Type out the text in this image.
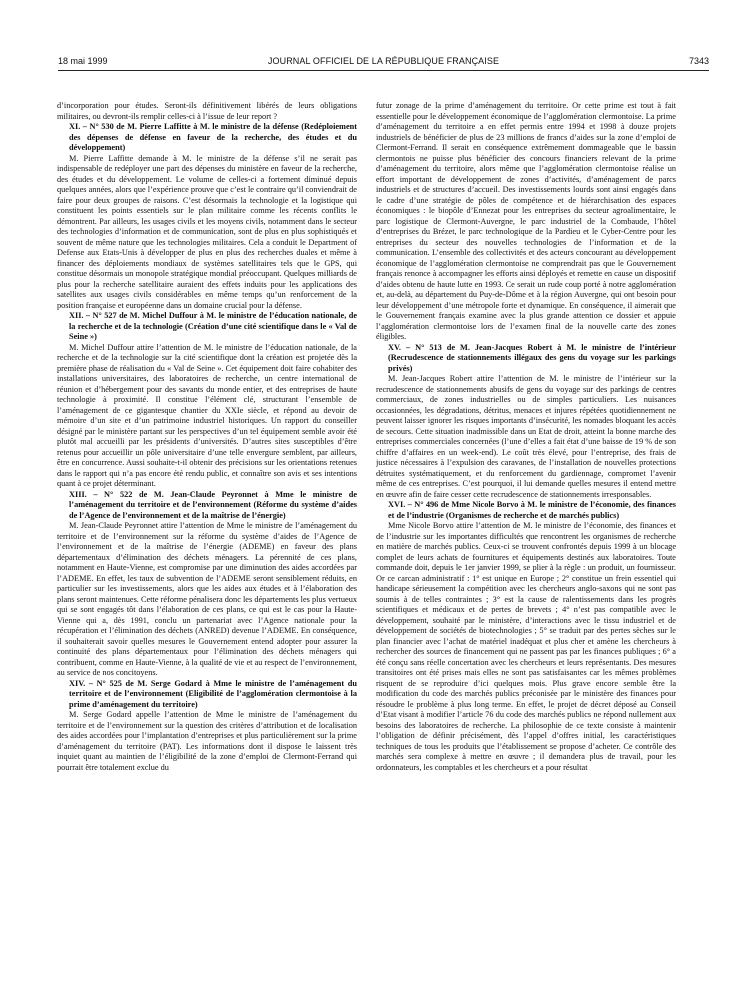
18 mai 1999	JOURNAL OFFICIEL DE LA RÉPUBLIQUE FRANÇAISE	7343

d’incorporation pour études. Seront-ils définitivement libérés de leurs obligations militaires, ou devront-ils remplir celles-ci à l’issue de leur report ?

XI. – N° 530 de M. Pierre Laffitte à M. le ministre de la défense (Redéploiement des dépenses de défense en faveur de la recherche, des études et du développement)

M. Pierre Laffitte demande à M. le ministre de la défense s’il ne serait pas indispensable de redéployer une part des dépenses du ministère en faveur de la recherche, des études et du développement. Le volume de celles-ci a fortement diminué depuis quelques années, alors que l’expérience prouve que c’est le contraire qu’il conviendrait de faire pour deux groupes de raisons. C’est désormais la technologie et la logistique qui constituent les points essentiels sur le plan militaire comme les récents conflits le démontrent. Par ailleurs, les usages civils et les moyens civils, notamment dans le secteur des technologies d’information et de communication, sont de plus en plus sophistiqués et souvent de même nature que les technologies militaires. Cela a conduit le Department of Defense aux Etats-Unis à développer de plus en plus des recherches duales et même à financer des déploiements mondiaux de systèmes satellitaires tels que le GPS, qui constitue désormais un monopole stratégique mondial préoccupant. Quelques milliards de plus pour la recherche satellitaire auraient des effets induits pour les applications des satellites aux usages civils considérables en même temps qu’un renforcement de la position française et européenne dans un domaine crucial pour la défense.

XII. – N° 527 de M. Michel Duffour à M. le ministre de l’éducation nationale, de la recherche et de la technologie (Création d’une cité scientifique dans le « Val de Seine »)

M. Michel Duffour attire l’attention de M. le ministre de l’éducation nationale, de la recherche et de la technologie sur la cité scientifique dont la création est projetée dès la première phase de réalisation du « Val de Seine ». Cet équipement doit faire cohabiter des installations universitaires, des laboratoires de recherche, un centre international de réunion et d’hébergement pour des savants du monde entier, et des entreprises de haute technologie à proximité. Il constitue l’élément clé, structurant l’ensemble de l’aménagement de ce gigantesque chantier du XXIe siècle, et répond au devoir de mémoire d’un site et d’un patrimoine industriel historiques. Un rapport du conseiller désigné par le ministère partant sur les perspectives d’un tel équipement semble avoir été plutôt mal accueilli par les présidents d’universités. D’autres sites susceptibles d’être retenus pour accueillir un pôle universitaire d’une telle envergure semblent, par ailleurs, être en concurrence. Aussi souhaite-t-il obtenir des précisions sur les orientations retenues dans le rapport qui n’a pas encore été rendu public, et connaître son avis et ses intentions quant à ce projet déterminant.

XIII. – N° 522 de M. Jean-Claude Peyronnet à Mme le ministre de l’aménagement du territoire et de l’environnement (Réforme du système d’aides de l’Agence de l’environnement et de la maîtrise de l’énergie)

M. Jean-Claude Peyronnet attire l’attention de Mme le ministre de l’aménagement du territoire et de l’environnement sur la réforme du système d’aides de l’Agence de l’environnement et de la maîtrise de l’énergie (ADEME) en faveur des plans départementaux d’élimination des déchets ménagers. La pérennité de ces plans, notamment en Haute-Vienne, est compromise par une diminution des aides accordées par l’ADEME. En effet, les taux de subvention de l’ADEME seront sensiblement réduits, en particulier sur les investissements, alors que les aides aux études et à l’élaboration des plans seront maintenues. Cette réforme pénalisera donc les départements les plus vertueux qui se sont engagés tôt dans l’élaboration de ces plans, ce qui est le cas pour la Haute-Vienne qui a, dès 1991, conclu un partenariat avec l’Agence nationale pour la récupération et l’élimination des déchets (ANRED) devenue l’ADEME. En conséquence, il souhaiterait savoir quelles mesures le Gouvernement entend adopter pour assurer la continuité des plans départementaux pour l’élimination des déchets ménagers qui contribuent, comme en Haute-Vienne, à la qualité de vie et au respect de l’environnement, au service de nos concitoyens.

XIV. – N° 525 de M. Serge Godard à Mme le ministre de l’aménagement du territoire et de l’environnement (Eligibilité de l’agglomération clermontoise à la prime d’aménagement du territoire)

M. Serge Godard appelle l’attention de Mme le ministre de l’aménagement du territoire et de l’environnement sur la question des critères d’attribution et de localisation des aides accordées pour l’implantation d’entreprises et plus particulièrement sur la prime d’aménagement du territoire (PAT). Les informations dont il dispose le laissent très inquiet quant au maintien de l’éligibilité de la zone d’emploi de Clermont-Ferrand qui pourrait être totalement exclue du

futur zonage de la prime d’aménagement du territoire. Or cette prime est tout à fait essentielle pour le développement économique de l’agglomération clermontoise. La prime d’aménagement du territoire a en effet permis entre 1994 et 1998 à douze projets industriels de bénéficier de plus de 23 millions de francs d’aides sur la zone d’emploi de Clermont-Ferrand. Il serait en conséquence extrêmement dommageable que le bassin clermontois ne puisse plus bénéficier des concours financiers relevant de la prime d’aménagement du territoire, alors même que l’agglomération clermontoise réalise un effort important de développement de zones d’activités, d’aménagement de parcs industriels et de structures d’accueil. Des investissements lourds sont ainsi engagés dans le cadre d’une stratégie de pôles de compétence et de hiérarchisation des espaces économiques : le biopôle d’Ennezat pour les entreprises du secteur agroalimentaire, le parc logistique de Clermont-Auvergne, le parc industriel de la Combaude, l’hôtel d’entreprises du Brézet, le parc technologique de la Pardieu et le Cyber-Centre pour les entreprises du secteur des nouvelles technologies de l’information et de la communication. L’ensemble des collectivités et des acteurs concourant au développement économique de l’agglomération clermontoise ne comprendrait pas que le Gouvernement français renonce à accompagner les efforts ainsi déployés et remette en cause un dispositif d’aides obtenu de haute lutte en 1993. Ce serait un rude coup porté à notre agglomération et, au-delà, au département du Puy-de-Dôme et à la région Auvergne, qui ont besoin pour leur développement d’une métropole forte et dynamique. En conséquence, il aimerait que le Gouvernement français examine avec la plus grande attention ce dossier et appuie l’agglomération clermontoise lors de l’examen final de la nouvelle carte des zones éligibles.

XV. – N° 513 de M. Jean-Jacques Robert à M. le ministre de l’intérieur (Recrudescence de stationnements illégaux des gens du voyage sur les parkings privés)

M. Jean-Jacques Robert attire l’attention de M. le ministre de l’intérieur sur la recrudescence de stationnements abusifs de gens du voyage sur des parkings de centres commerciaux, de zones industrielles ou de simples particuliers. Les nuisances occasionnées, les dégradations, détritus, menaces et injures répétées quotidiennement ne peuvent laisser ignorer les risques importants d’insécurité, les nomades bloquant les accès de secours. Cette situation inadmissible dans un Etat de droit, atteint la bonne marche des entreprises commerciales concernées (l’une d’elles a fait état d’une baisse de 19 % de son chiffre d’affaires en un week-end). Le coût très élevé, pour l’entreprise, des frais de justice nécessaires à l’expulsion des caravanes, de l’installation de nouvelles protections détruites systématiquement, et du renforcement du gardiennage, compromet l’avenir même de ces entreprises. C’est pourquoi, il lui demande quelles mesures il entend mettre en œuvre afin de faire cesser cette recrudescence de stationnements irresponsables.

XVI. – N° 496 de Mme Nicole Borvo à M. le ministre de l’économie, des finances et de l’industrie (Organismes de recherche et de marchés publics)

Mme Nicole Borvo attire l’attention de M. le ministre de l’économie, des finances et de l’industrie sur les importantes difficultés que rencontrent les organismes de recherche en matière de marchés publics. Ceux-ci se trouvent confrontés depuis 1999 à un blocage complet de leurs achats de fournitures et équipements destinés aux laboratoires. Toute commande doit, depuis le 1er janvier 1999, se plier à la règle : un produit, un fournisseur. Or ce carcan administratif : 1° est unique en Europe ; 2° constitue un frein essentiel qui handicape sérieusement la compétition avec les chercheurs anglo-saxons qui ne sont pas soumis à de telles contraintes ; 3° est la cause de ralentissements dans les progrès scientifiques et médicaux et de pertes de brevets ; 4° n’est pas compatible avec le développement, souhaité par le ministère, d’interactions avec le tissu industriel et de développement de sociétés de biotechnologies ; 5° se traduit par des pertes sèches sur le plan financier avec l’achat de matériel inadéquat et plus cher et amène les chercheurs à rechercher des sources de financement qui ne passent pas par les finances publiques ; 6° a été conçu sans réelle concertation avec les chercheurs et leurs représentants. Des mesures transitoires ont été prises mais elles ne sont pas satisfaisantes car les mêmes problèmes risquent de se reproduire d’ici quelques mois. Plus grave encore semble être la modification du code des marchés publics préconisée par le ministère des finances pour résoudre le problème à plus long terme. En effet, le projet de décret déposé au Conseil d’Etat visant à modifier l’article 76 du code des marchés publics ne répond nullement aux besoins des laboratoires de recherche. La philosophie de ce texte consiste à maintenir l’obligation de définir précisément, dès l’appel d’offres initial, les caractéristiques techniques de tous les produits que l’établissement se propose d’acheter. Ce contrôle des marchés sera complexe à mettre en œuvre ; il demandera plus de travail, pour les ordonnateurs, les comptables et les chercheurs et a pour résultat
